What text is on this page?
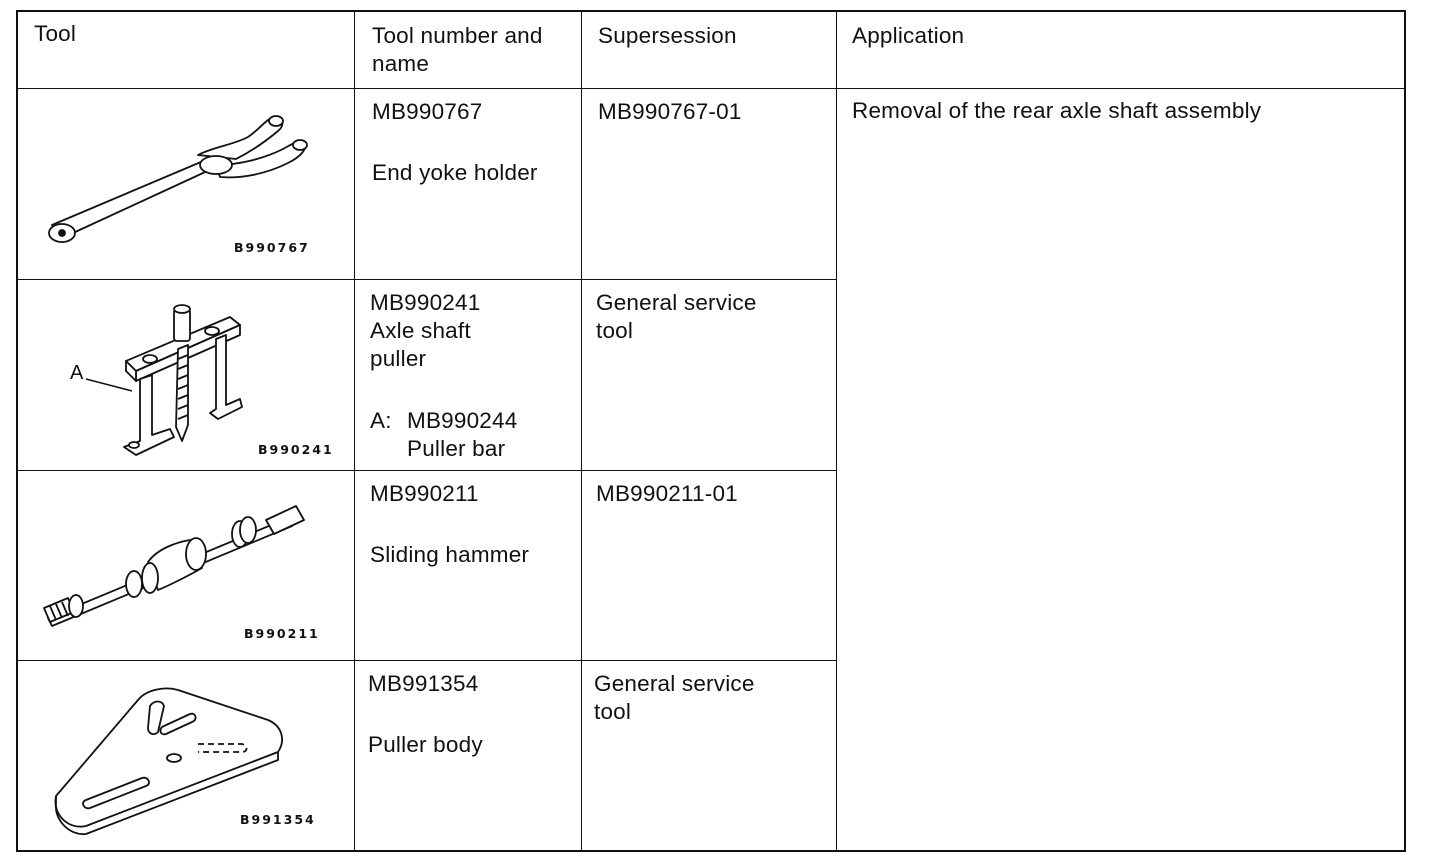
Tool	Tool number and
name
Supersession	Application
Removal of the rear axle shaft assembly
B990767
MB990767
End yoke holder
MB990767-01
A
B990241
MB990241
Axle shaft
puller
A: MB990244
Puller bar
General service
tool
B990211
MB990211
Sliding hammer
MB990211-01
B991354
MB991354
Puller body
General service
tool
